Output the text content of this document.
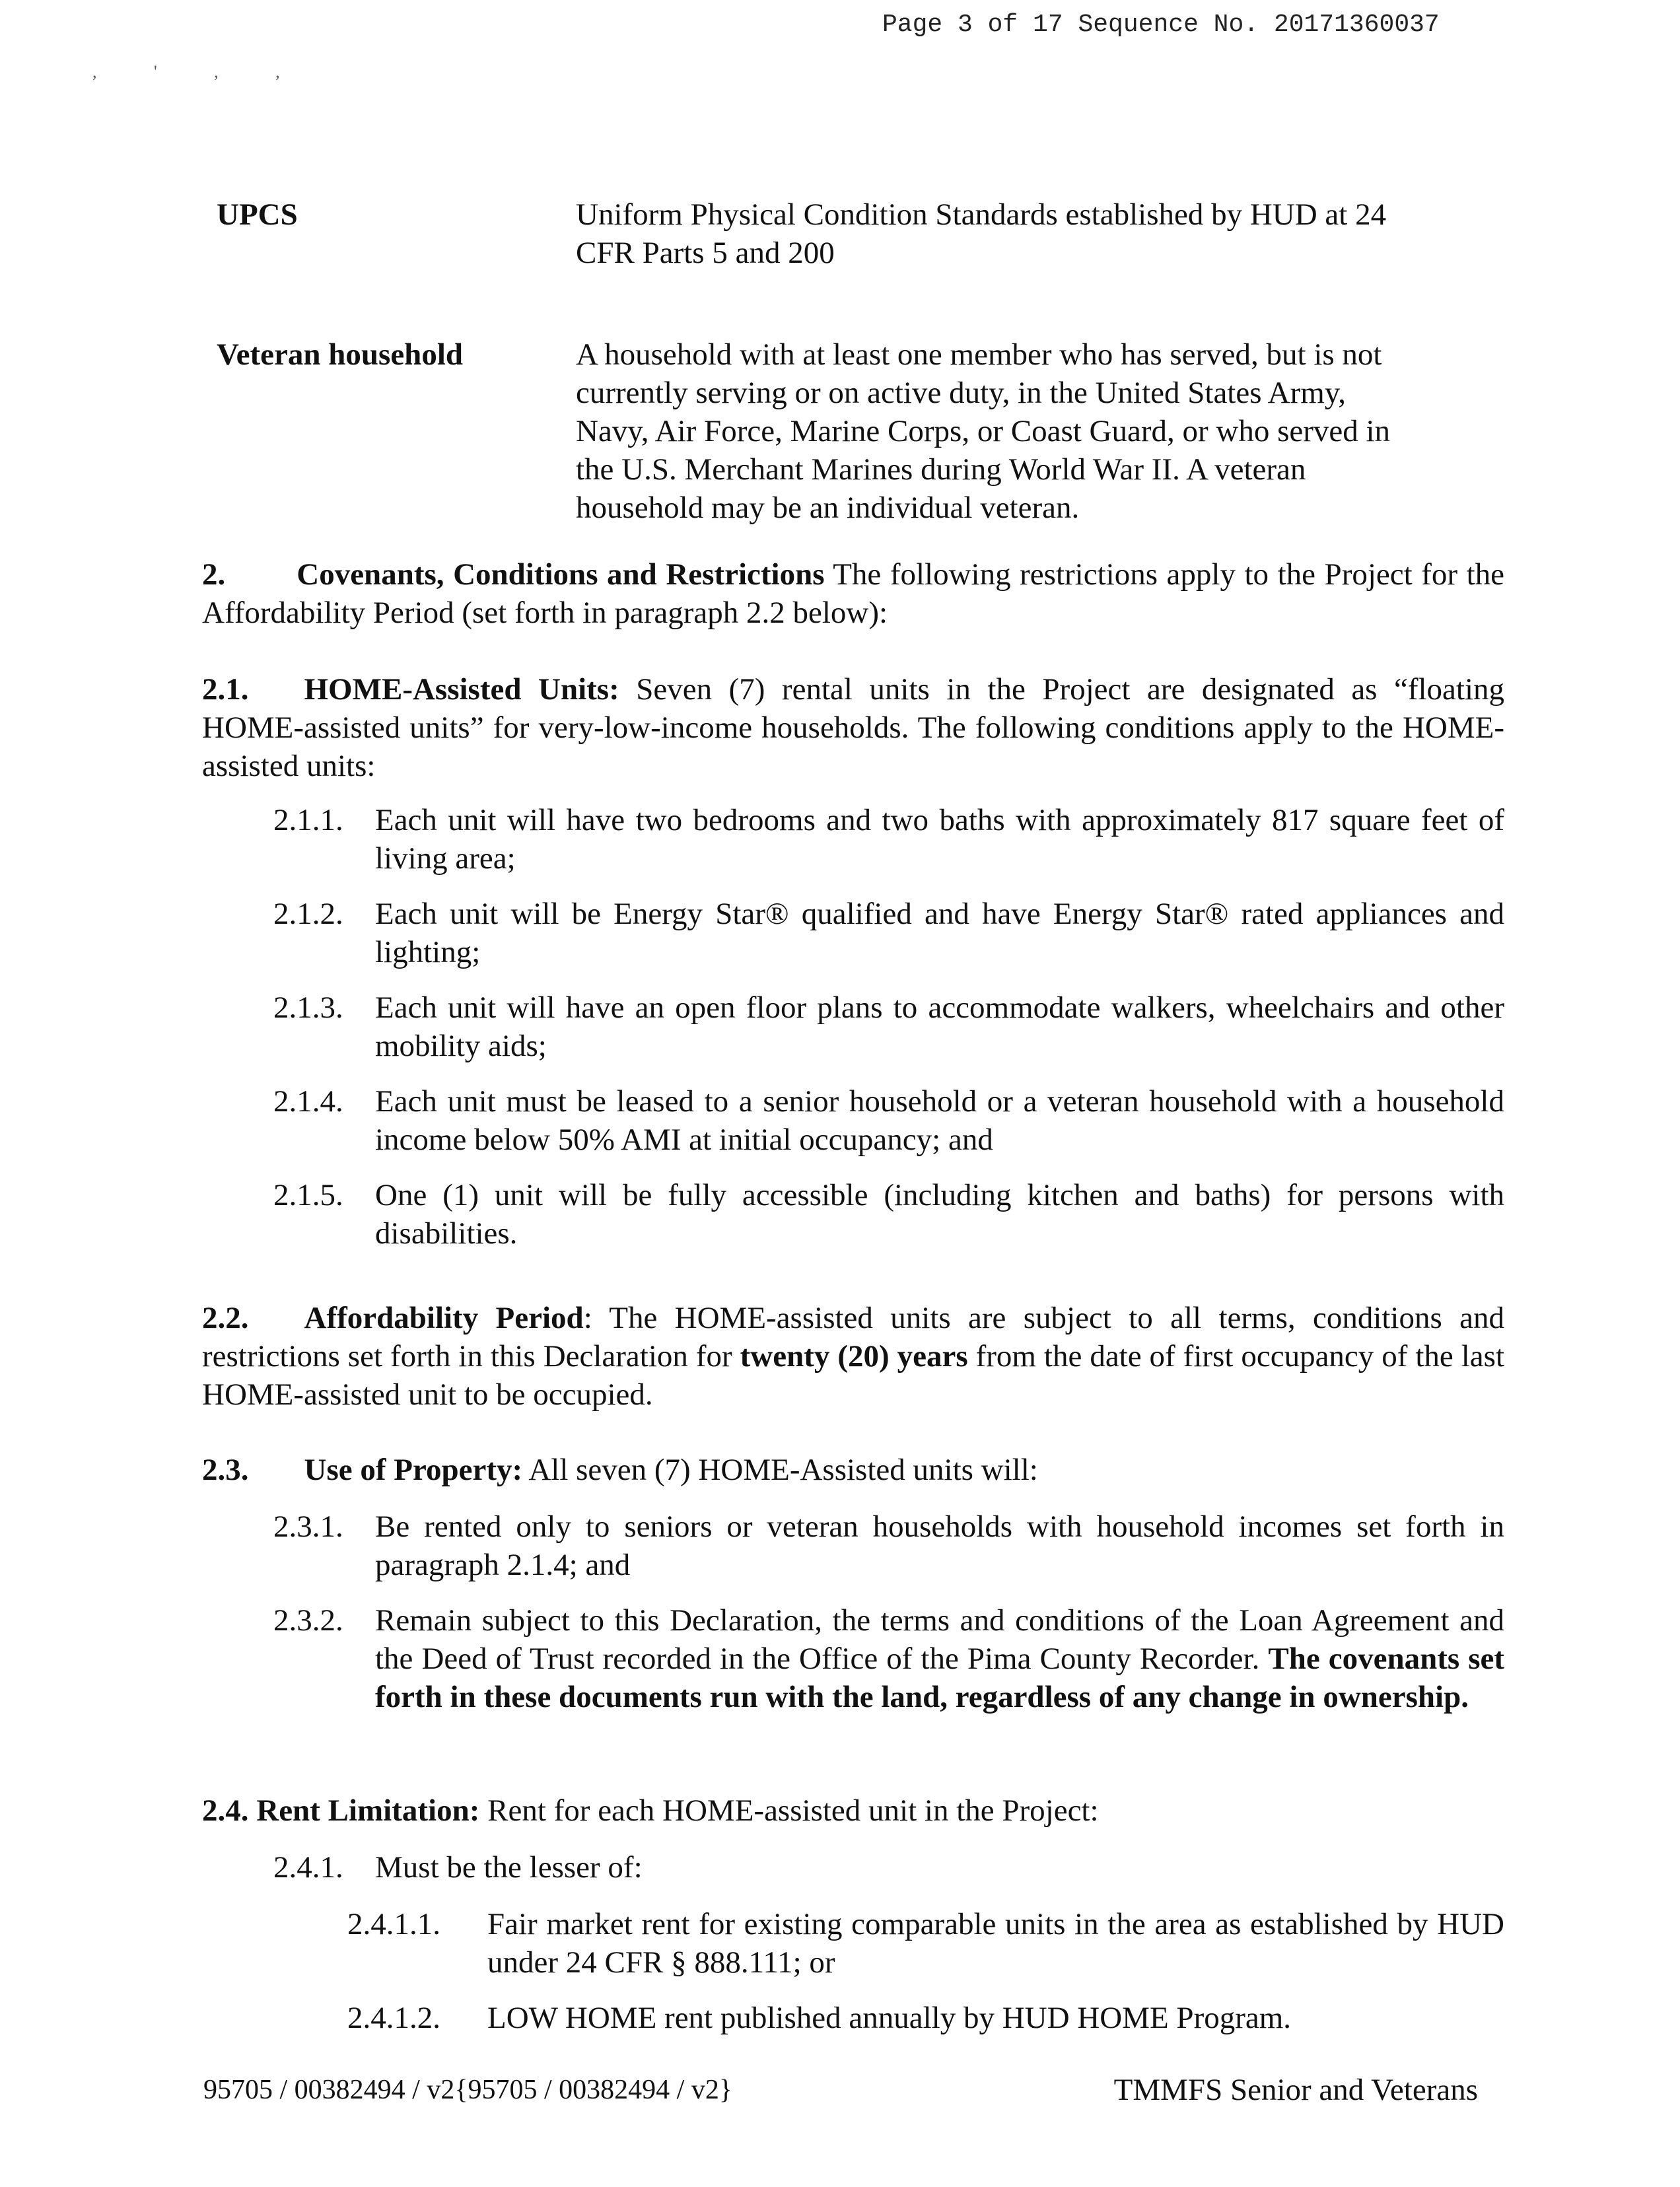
Page 3 of 17 Sequence No. 20171360037
, ' , ,
UPCS	Uniform Physical Condition Standards established by HUD at 24 CFR Parts 5 and 200
Veteran household	A household with at least one member who has served, but is not currently serving or on active duty, in the United States Army, Navy, Air Force, Marine Corps, or Coast Guard, or who served in the U.S. Merchant Marines during World War II. A veteran household may be an individual veteran.
2. Covenants, Conditions and Restrictions The following restrictions apply to the Project for the Affordability Period (set forth in paragraph 2.2 below):
2.1. HOME-Assisted Units: Seven (7) rental units in the Project are designated as “floating HOME-assisted units” for very-low-income households. The following conditions apply to the HOME-assisted units:
2.1.1. Each unit will have two bedrooms and two baths with approximately 817 square feet of living area;
2.1.2. Each unit will be Energy Star® qualified and have Energy Star® rated appliances and lighting;
2.1.3. Each unit will have an open floor plans to accommodate walkers, wheelchairs and other mobility aids;
2.1.4. Each unit must be leased to a senior household or a veteran household with a household income below 50% AMI at initial occupancy; and
2.1.5. One (1) unit will be fully accessible (including kitchen and baths) for persons with disabilities.
2.2. Affordability Period: The HOME-assisted units are subject to all terms, conditions and restrictions set forth in this Declaration for twenty (20) years from the date of first occupancy of the last HOME-assisted unit to be occupied.
2.3. Use of Property: All seven (7) HOME-Assisted units will:
2.3.1. Be rented only to seniors or veteran households with household incomes set forth in paragraph 2.1.4; and
2.3.2. Remain subject to this Declaration, the terms and conditions of the Loan Agreement and the Deed of Trust recorded in the Office of the Pima County Recorder. The covenants set forth in these documents run with the land, regardless of any change in ownership.
2.4. Rent Limitation: Rent for each HOME-assisted unit in the Project:
2.4.1. Must be the lesser of:
2.4.1.1. Fair market rent for existing comparable units in the area as established by HUD under 24 CFR § 888.111; or
2.4.1.2. LOW HOME rent published annually by HUD HOME Program.
95705 / 00382494 / v2{95705 / 00382494 / v2}	TMMFS Senior and Veterans
